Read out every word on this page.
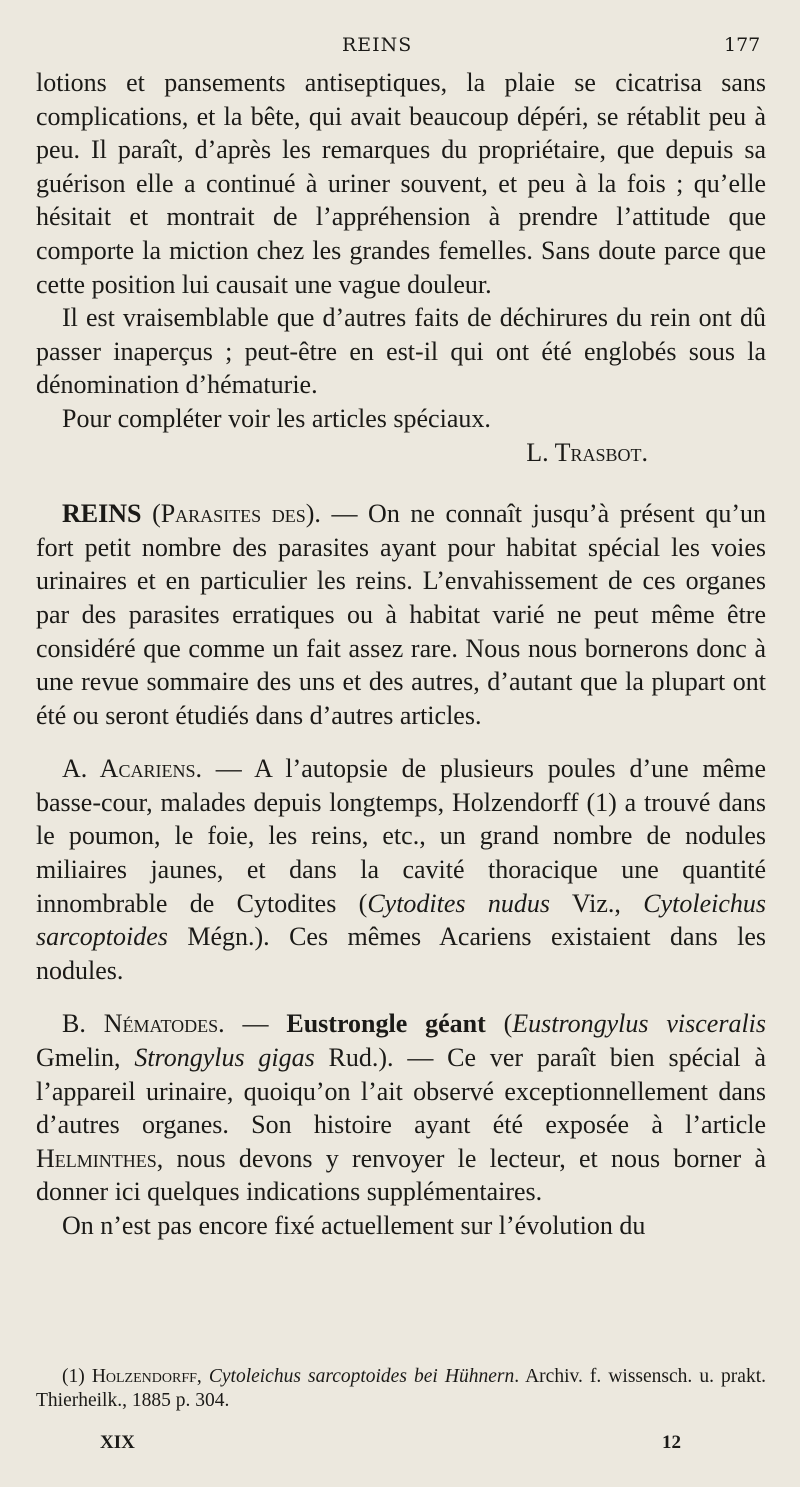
REINS	177

lotions et pansements antiseptiques, la plaie se cicatrisa sans complications, et la bête, qui avait beaucoup dépéri, se rétablit peu à peu. Il paraît, d’après les remarques du propriétaire, que depuis sa guérison elle a continué à uriner souvent, et peu à la fois ; qu’elle hésitait et montrait de l’appréhension à prendre l’attitude que comporte la miction chez les grandes femelles. Sans doute parce que cette position lui causait une vague douleur.

Il est vraisemblable que d’autres faits de déchirures du rein ont dû passer inaperçus ; peut-être en est-il qui ont été englobés sous la dénomination d’hématurie.

Pour compléter voir les articles spéciaux.

L. Trasbot.

REINS (Parasites des). — On ne connaît jusqu’à présent qu’un fort petit nombre des parasites ayant pour habitat spécial les voies urinaires et en particulier les reins. L’envahissement de ces organes par des parasites erratiques ou à habitat varié ne peut même être considéré que comme un fait assez rare. Nous nous bornerons donc à une revue sommaire des uns et des autres, d’autant que la plupart ont été ou seront étudiés dans d’autres articles.

A. Acariens. — A l’autopsie de plusieurs poules d’une même basse-cour, malades depuis longtemps, Holzendorff (1) a trouvé dans le poumon, le foie, les reins, etc., un grand nombre de nodules miliaires jaunes, et dans la cavité thoracique une quantité innombrable de Cytodites (Cytodites nudus Viz., Cytoleichus sarcoptoides Mégn.). Ces mêmes Acariens existaient dans les nodules.

B. Nématodes. — Eustrongle géant (Eustrongylus visceralis Gmelin, Strongylus gigas Rud.). — Ce ver paraît bien spécial à l’appareil urinaire, quoiqu’on l’ait observé exceptionnellement dans d’autres organes. Son histoire ayant été exposée à l’article Helminthes, nous devons y renvoyer le lecteur, et nous borner à donner ici quelques indications supplémentaires.

On n’est pas encore fixé actuellement sur l’évolution du

(1) Holzendorff, Cytoleichus sarcoptoides bei Hühnern. Archiv. f. wissensch. u. prakt. Thierheilk., 1885 p. 304.

XIX	12
